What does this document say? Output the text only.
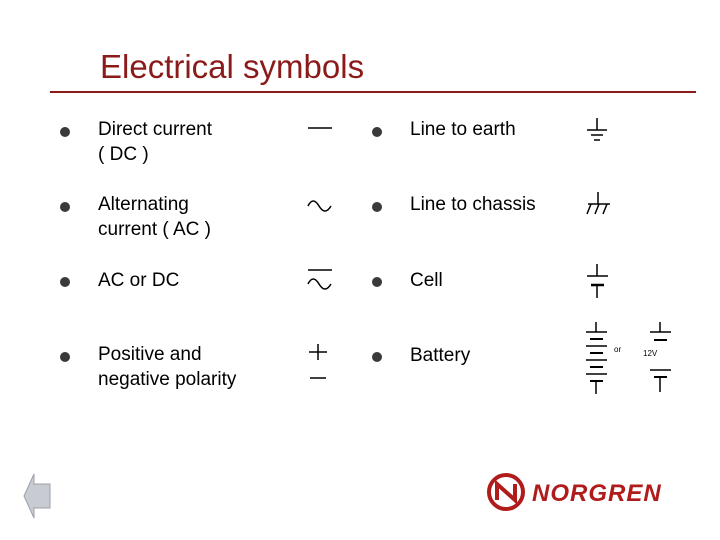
Electrical symbols
Direct current
( DC )
Alternating
current ( AC )
AC or DC
Positive and
negative polarity
Line to earth
Line to chassis
Cell
Battery	or	12V
NORGREN
